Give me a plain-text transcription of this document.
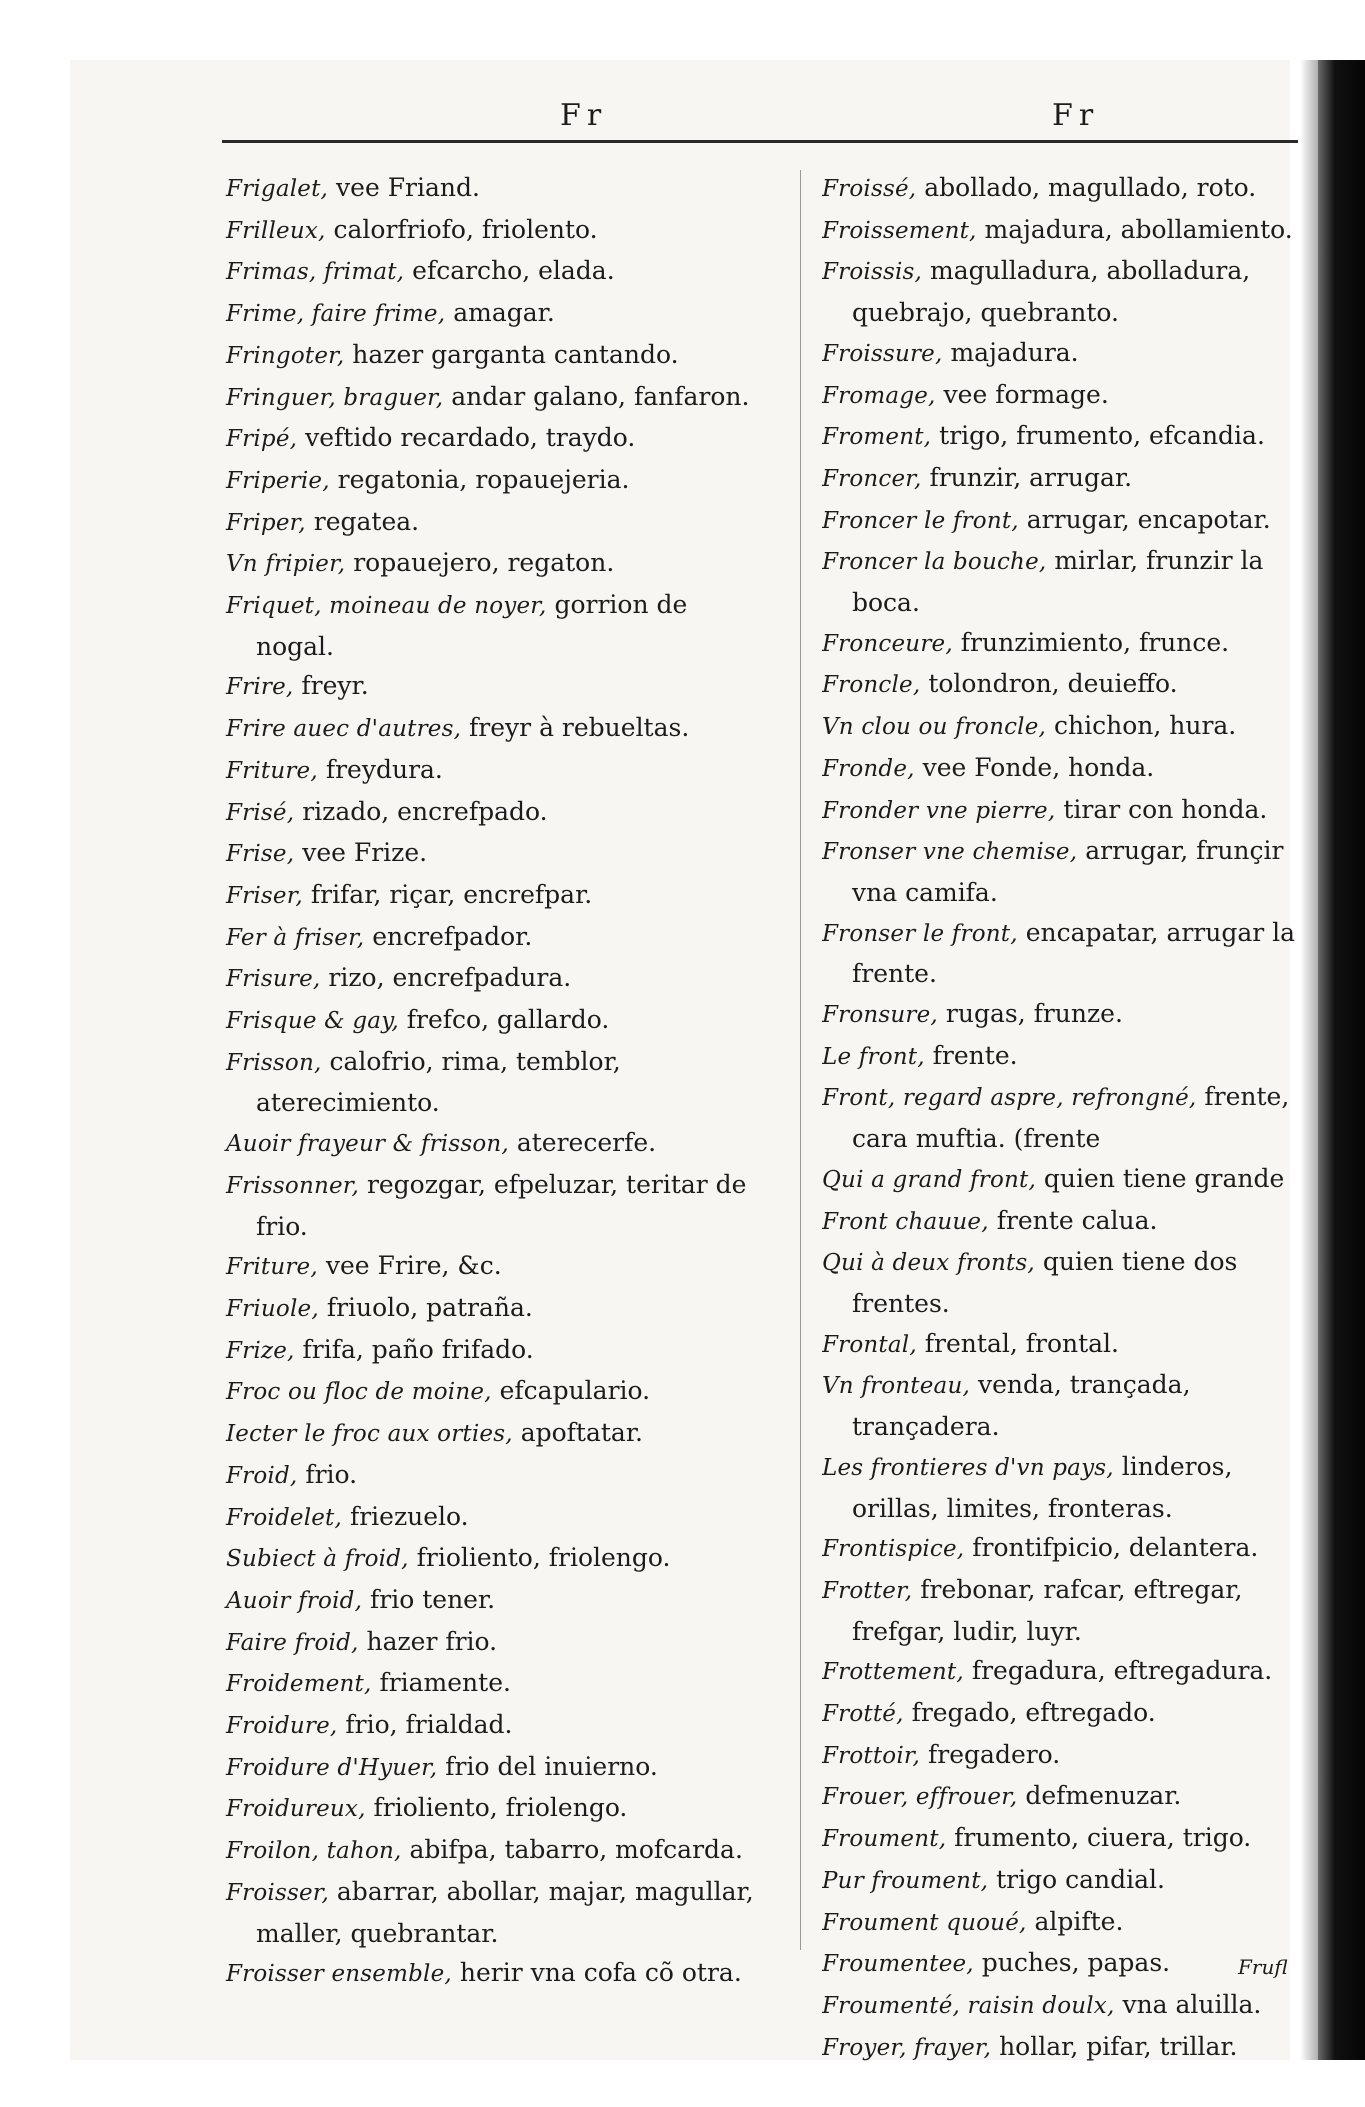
Fr	Fr
Frigalet, vee Friand.
Frilleux, calorfriofo, friolento.
Frimas, frimat, efcarcho, elada.
Frime, faire frime, amagar.
Fringoter, hazer garganta cantando.
Fringuer, braguer, andar galano, fanfaron.
Fripé, veftido recardado, traydo.
Friperie, regatonia, ropauejeria.
Friper, regatea.
Vn fripier, ropauejero, regaton.
Friquet, moineau de noyer, gorrion de nogal.
Frire, freyr.
Frire auec d'autres, freyr à rebueltas.
Friture, freydura.
Frisé, rizado, encrefpado.
Frise, vee Frize.
Friser, frifar, riçar, encrefpar.
Fer à friser, encrefpador.
Frisure, rizo, encrefpadura.
Frisque & gay, frefco, gallardo.
Frisson, calofrio, rima, temblor, aterecimiento.
Auoir frayeur & frisson, aterecerfe.
Frissonner, regozgar, efpeluzar, teritar de frio.
Friture, vee Frire, &c.
Friuole, friuolo, patraña.
Frize, frifa, paño frifado.
Froc ou floc de moine, efcapulario.
Iecter le froc aux orties, apoftatar.
Froid, frio.
Froidelet, friezuelo.
Subiect à froid, frioliento, friolengo.
Auoir froid, frio tener.
Faire froid, hazer frio.
Froidement, friamente.
Froidure, frio, frialdad.
Froidure d'Hyuer, frio del inuierno.
Froidureux, frioliento, friolengo.
Froilon, tahon, abifpa, tabarro, mofcarda.
Froisser, abarrar, abollar, majar, magullar, maller, quebrantar.
Froisser ensemble, herir vna cofa cõ otra.
Froissé, abollado, magullado, roto.
Froissement, majadura, abollamiento.
Froissis, magulladura, abolladura, quebrajo, quebranto.
Froissure, majadura.
Fromage, vee formage.
Froment, trigo, frumento, efcandia.
Froncer, frunzir, arrugar.
Froncer le front, arrugar, encapotar.
Froncer la bouche, mirlar, frunzir la boca.
Fronceure, frunzimiento, frunce.
Froncle, tolondron, deuieffo.
Vn clou ou froncle, chichon, hura.
Fronde, vee Fonde, honda.
Fronder vne pierre, tirar con honda.
Fronser vne chemise, arrugar, frunçir vna camifa.
Fronser le front, encapatar, arrugar la frente.
Fronsure, rugas, frunze.
Le front, frente.
Front, regard aspre, refrongné, frente, cara muftia. (frente
Qui a grand front, quien tiene grande
Front chauue, frente calua.
Qui à deux fronts, quien tiene dos frentes.
Frontal, frental, frontal.
Vn fronteau, venda, trançada, trançadera.
Les frontieres d'vn pays, linderos, orillas, limites, fronteras.
Frontispice, frontifpicio, delantera.
Frotter, frebonar, rafcar, eftregar, frefgar, ludir, luyr.
Frottement, fregadura, eftregadura.
Frotté, fregado, eftregado.
Frottoir, fregadero.
Frouer, effrouer, defmenuzar.
Froument, frumento, ciuera, trigo.
Pur froument, trigo candial.
Froument quoué, alpifte.
Froumentee, puches, papas.
Froumenté, raisin doulx, vna aluilla.
Froyer, frayer, hollar, pifar, trillar.
Frufl
